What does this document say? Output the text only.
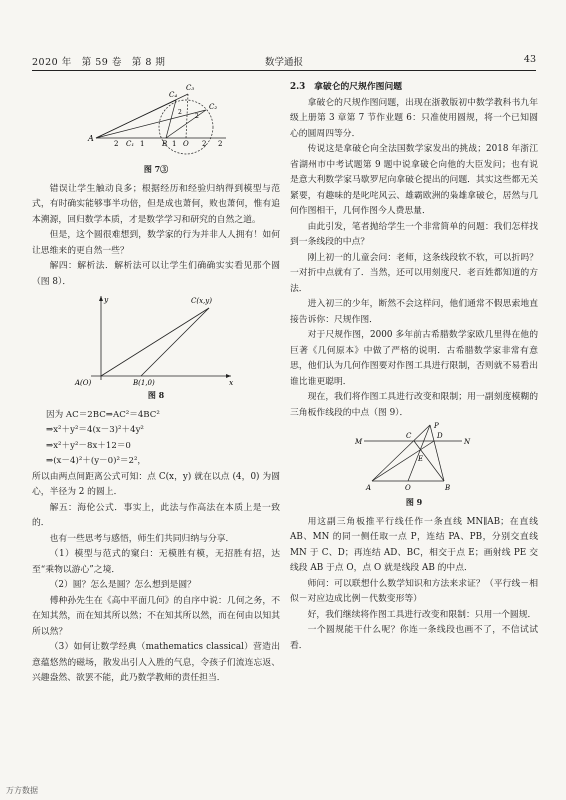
2020 年　第 59 卷　第 8 期	数学通报	43
A
2 C₁ 1	B 1 O 2 2
C₄
C₃
C₂
2
2
图 7③

错误让学生触动良多；根据经历和经验归纳得到模型与范式，有时确实能够事半功倍，但是成也萧何，败也萧何，惟有追本溯源，回归数学本质，才是数学学习和研究的自然之道。

但是，这个圆很难想到，数学家的行为并非人人拥有！如何让思维来的更自然一些？

解四：解析法．解析法可以让学生们确确实实看见那个圆（图 8）．

y
x
A(O)	B(1,0)
C(x,y)
图 8

因为 AC＝2BC⇒AC²＝4BC²

⇒x²＋y²＝4(x－3)²＋4y²

⇒x²＋y²－8x＋12＝0

⇒(x－4)²＋(y－0)²＝2²，

所以由两点间距离公式可知：点 C(x，y) 就在以点 (4，0) 为圆心，半径为 2 的圆上．

解五：海伦公式．事实上，此法与作高法在本质上是一致的．

也有一些思考与感悟，师生们共同归纳与分享．

（1）模型与范式的窠臼：无模胜有模，无招胜有招，达至“乘物以游心”之境．

（2）圆？怎么是圆？怎么想到是圆？

傅种孙先生在《高中平面几何》的自序中说：几何之务，不在知其然，而在知其所以然；不在知其所以然，而在何由以知其所以然？

（3）如何让数学经典（mathematics classical）营造出意蕴悠然的磁场，散发出引人入胜的气息，令孩子们流连忘返、兴趣盎然、欲罢不能，此乃数学教师的责任担当．

2.3　拿破仑的尺规作图问题

拿破仑的尺规作图问题，出现在浙教版初中数学教科书九年级上册第 3 章第 7 节作业题 6：只准使用圆规，将一个已知圆心的圆周四等分．

传说这是拿破仑向全法国数学家发出的挑战；2018 年浙江省湖州市中考试题第 9 题中说拿破仑向他的大臣发问；也有说是意大利数学家马歇罗尼向拿破仑提出的问题．其实这些都无关紧要，有趣味的是叱咤风云、雄霸欧洲的枭雄拿破仑，居然与几何作图相干，几何作图今人费思量．

由此引发，笔者抛给学生一个非常简单的问题：我们怎样找到一条线段的中点？

刚上初一的儿童会问：老师，这条线段软不软，可以折吗？一对折中点就有了．当然，还可以用刻度尺．老百姓都知道的方法．

进入初三的少年，断然不会这样问，他们通常不假思索地直接告诉你：尺规作图．

对于尺规作图，2000 多年前古希腊数学家欧几里得在他的巨著《几何原本》中做了严格的说明．古希腊数学家非常有意思，他们认为几何作图要对作图工具进行限制，否则就不易看出谁比谁更聪明．

现在，我们将作图工具进行改变和限制；用一副刻度模糊的三角板作线段的中点（图 9）．

M	N
C	D
P
E
A	O	B
图 9

用这副三角板推平行线任作一条直线 MN∥AB；在直线 AB、MN 的同一侧任取一点 P，连结 PA、PB，分别交直线 MN 于 C、D；再连结 AD、BC，相交于点 E；画射线 PE 交线段 AB 于点 O，点 O 就是线段 AB 的中点．

师问：可以联想什么数学知识和方法来求证？（平行线－相似－对应边成比例－代数变形等）

好，我们继续将作图工具进行改变和限制：只用一个圆规．

一个圆规能干什么呢？你连一条线段也画不了，不信试试看．

万方数据
